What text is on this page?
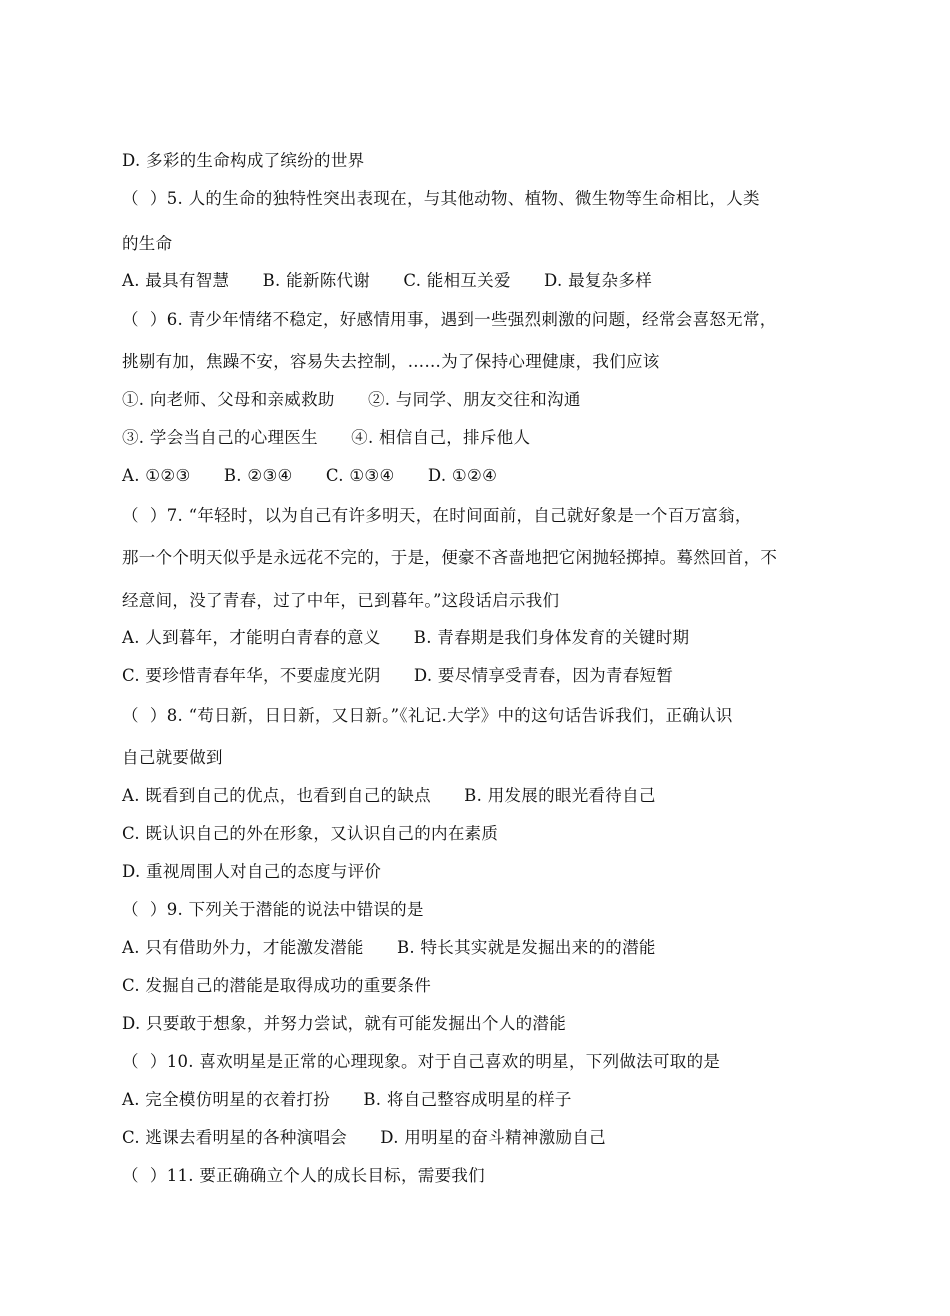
D. 多彩的生命构成了缤纷的世界
（  ）5. 人的生命的独特性突出表现在，与其他动物、植物、微生物等生命相比，人类
的生命
A. 最具有智慧      B. 能新陈代谢      C. 能相互关爱      D. 最复杂多样
（  ）6. 青少年情绪不稳定，好感情用事，遇到一些强烈刺激的问题，经常会喜怒无常，
挑剔有加，焦躁不安，容易失去控制，……为了保持心理健康，我们应该
①. 向老师、父母和亲威救助      ②. 与同学、朋友交往和沟通
③. 学会当自己的心理医生      ④. 相信自己，排斥他人
A. ①②③      B. ②③④      C. ①③④      D. ①②④
（  ）7. “年轻时，以为自己有许多明天，在时间面前，自己就好象是一个百万富翁，
那一个个明天似乎是永远花不完的，于是，便豪不吝啬地把它闲抛轻掷掉。蓦然回首，不
经意间，没了青春，过了中年，已到暮年。”这段话启示我们
A. 人到暮年，才能明白青春的意义      B. 青春期是我们身体发育的关键时期
C. 要珍惜青春年华，不要虚度光阴      D. 要尽情享受青春，因为青春短暂
（  ）8. “苟日新，日日新，又日新。”《礼记.大学》中的这句话告诉我们，正确认识
自己就要做到
A. 既看到自己的优点，也看到自己的缺点      B. 用发展的眼光看待自己
C. 既认识自己的外在形象，又认识自己的内在素质
D. 重视周围人对自己的态度与评价
（  ）9. 下列关于潜能的说法中错误的是
A. 只有借助外力，才能激发潜能      B. 特长其实就是发掘出来的的潜能
C. 发掘自己的潜能是取得成功的重要条件
D. 只要敢于想象，并努力尝试，就有可能发掘出个人的潜能
（  ）10. 喜欢明星是正常的心理现象。对于自己喜欢的明星，下列做法可取的是
A. 完全模仿明星的衣着打扮      B. 将自己整容成明星的样子
C. 逃课去看明星的各种演唱会      D. 用明星的奋斗精神激励自己
（  ）11. 要正确确立个人的成长目标，需要我们
